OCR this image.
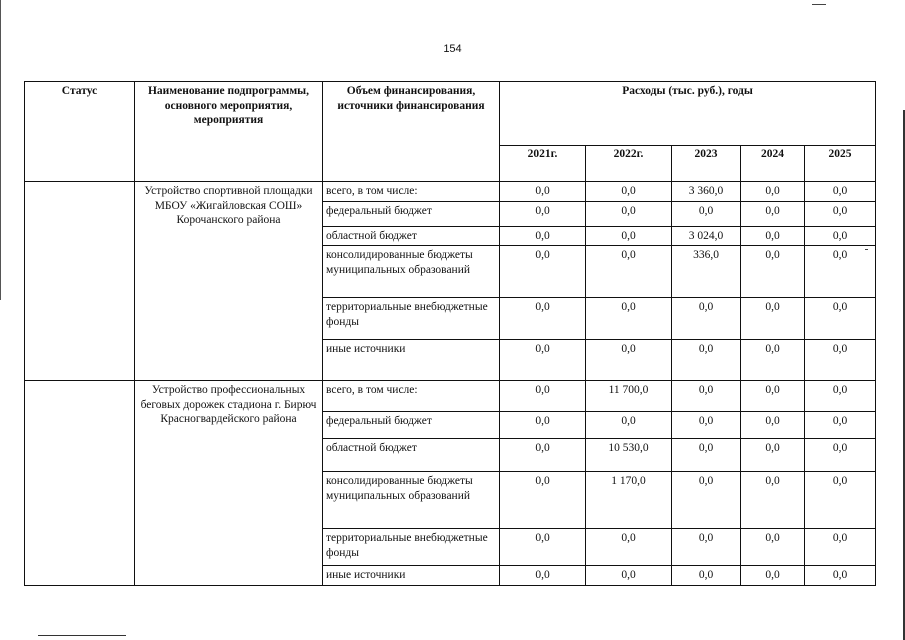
154
Статус	Наименование подпрограммы, основного мероприятия, мероприятия	Объем финансирования, источники финансирования	Расходы (тыс. руб.), годы				
			2021г.	2022г.	2023	2024	2025
	Устройство спортивной площадки МБОУ «Жигайловская СОШ» Корочанского района	всего, в том числе:	0,0	0,0	3 360,0	0,0	0,0
		федеральный бюджет	0,0	0,0	0,0	0,0	0,0
		областной бюджет	0,0	0,0	3 024,0	0,0	0,0
		консолидированные бюджеты муниципальных образований	0,0	0,0	336,0	0,0	0,0
		территориальные внебюджетные фонды	0,0	0,0	0,0	0,0	0,0
		иные источники	0,0	0,0	0,0	0,0	0,0
	Устройство профессиональных беговых дорожек стадиона г. Бирюч Красногвардейского района	всего, в том числе:	0,0	11 700,0	0,0	0,0	0,0
		федеральный бюджет	0,0	0,0	0,0	0,0	0,0
		областной бюджет	0,0	10 530,0	0,0	0,0	0,0
		консолидированные бюджеты муниципальных образований	0,0	1 170,0	0,0	0,0	0,0
		территориальные внебюджетные фонды	0,0	0,0	0,0	0,0	0,0
		иные источники	0,0	0,0	0,0	0,0	0,0
